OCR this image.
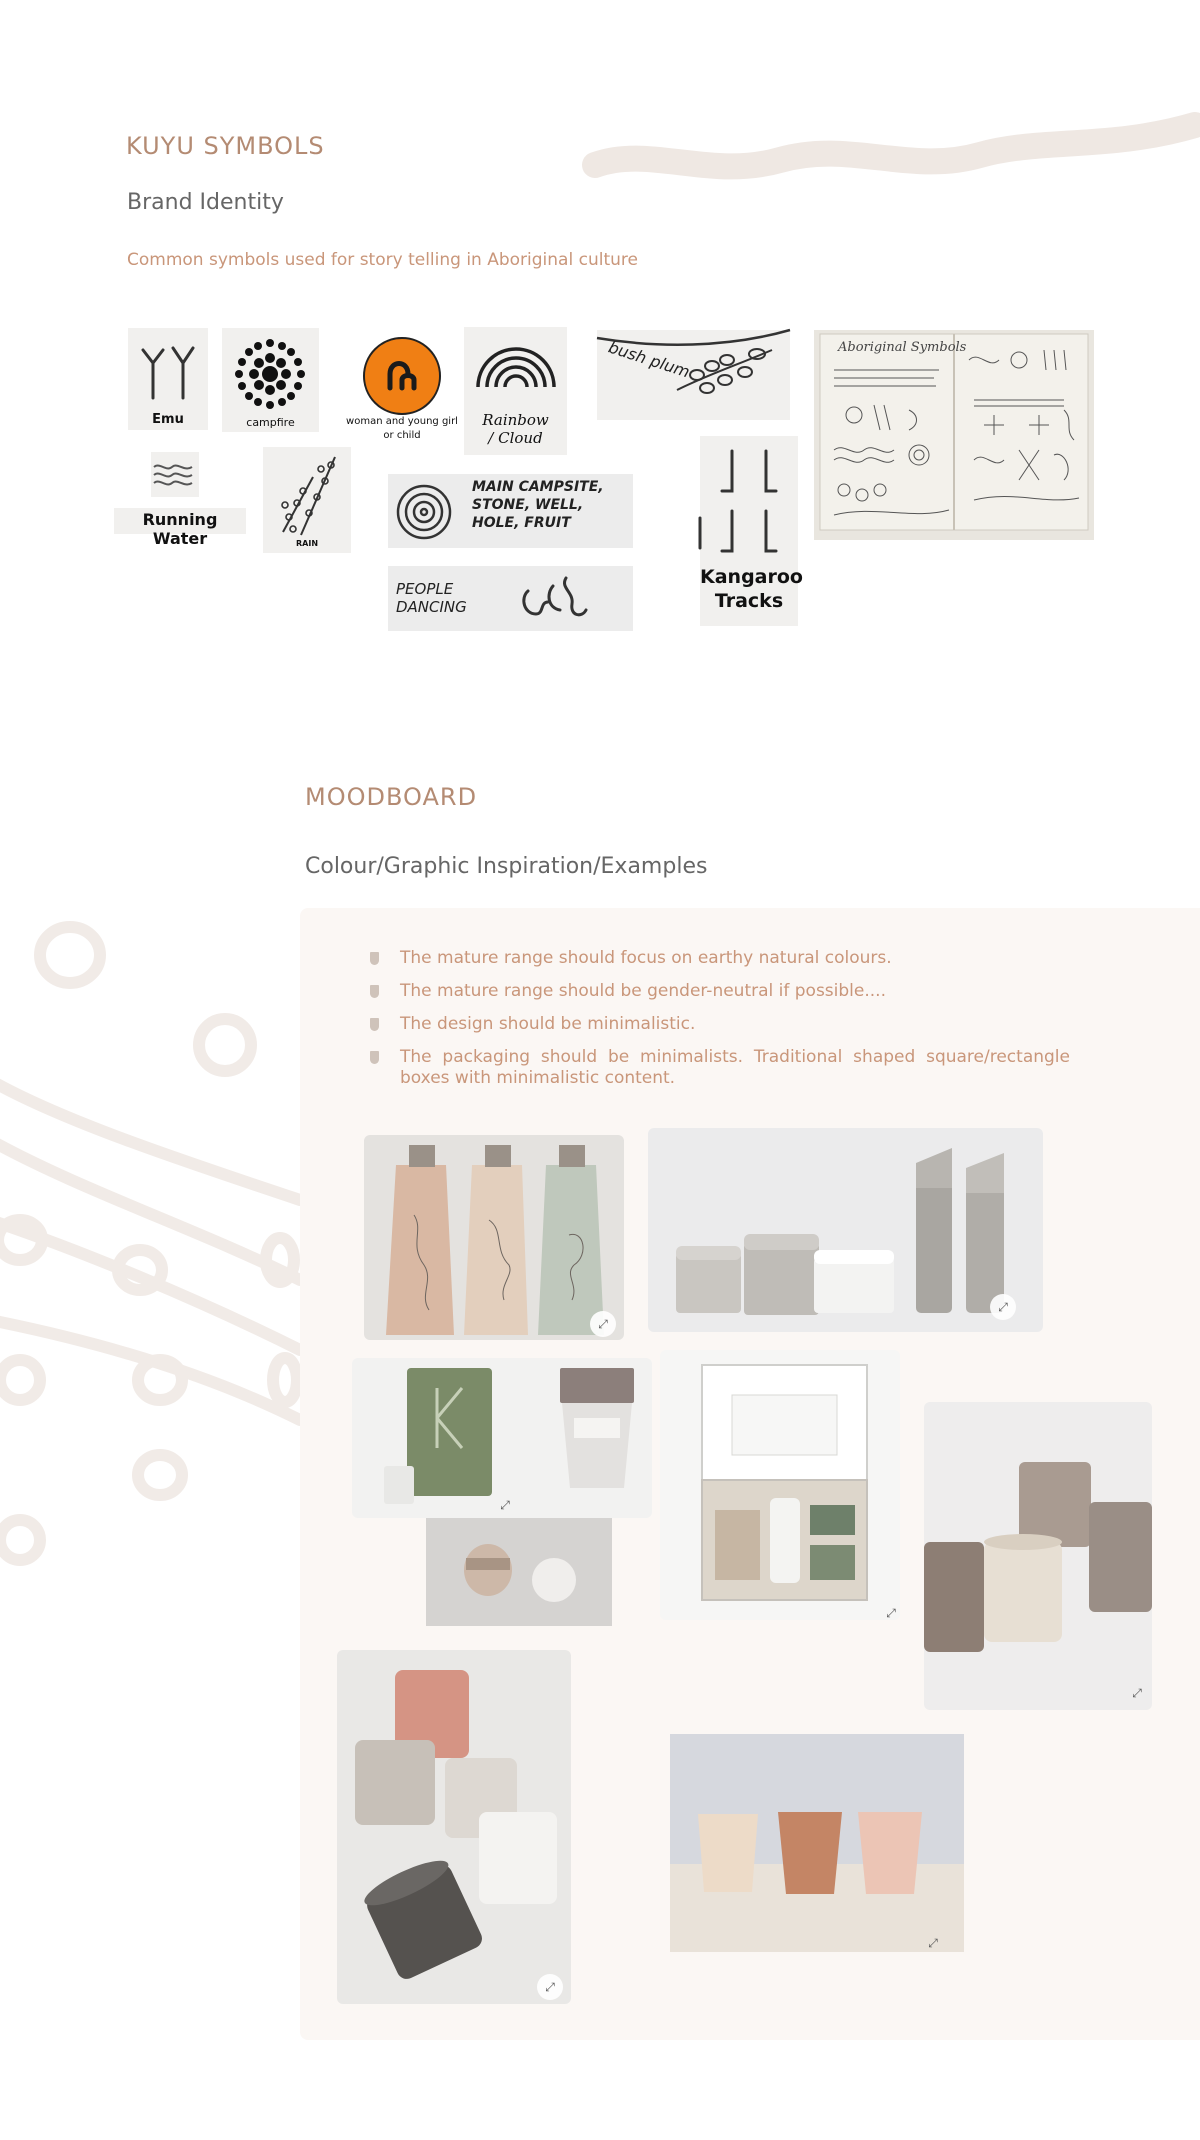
KUYU SYMBOLS
Brand Identity
Common symbols used for story telling in Aboriginal culture
Emu	campfire	woman and young girl
or child
Rainbow
/ Cloud
bush plum	Aboriginal Symbols
Running Water	RAIN
MAIN CAMPSITE,
STONE, WELL,
HOLE, FRUIT
PEOPLE
DANCING
Kangaroo
Tracks
MOODBOARD
Colour/Graphic Inspiration/Examples
The mature range should focus on earthy natural colours.
The mature range should be gender-neutral if possible....
The design should be minimalistic.
The packaging should be minimalists. Traditional shaped square/rectangle boxes with minimalistic content.
⤢
⤢
⤢
⤢
⤢
⤢
⤢
